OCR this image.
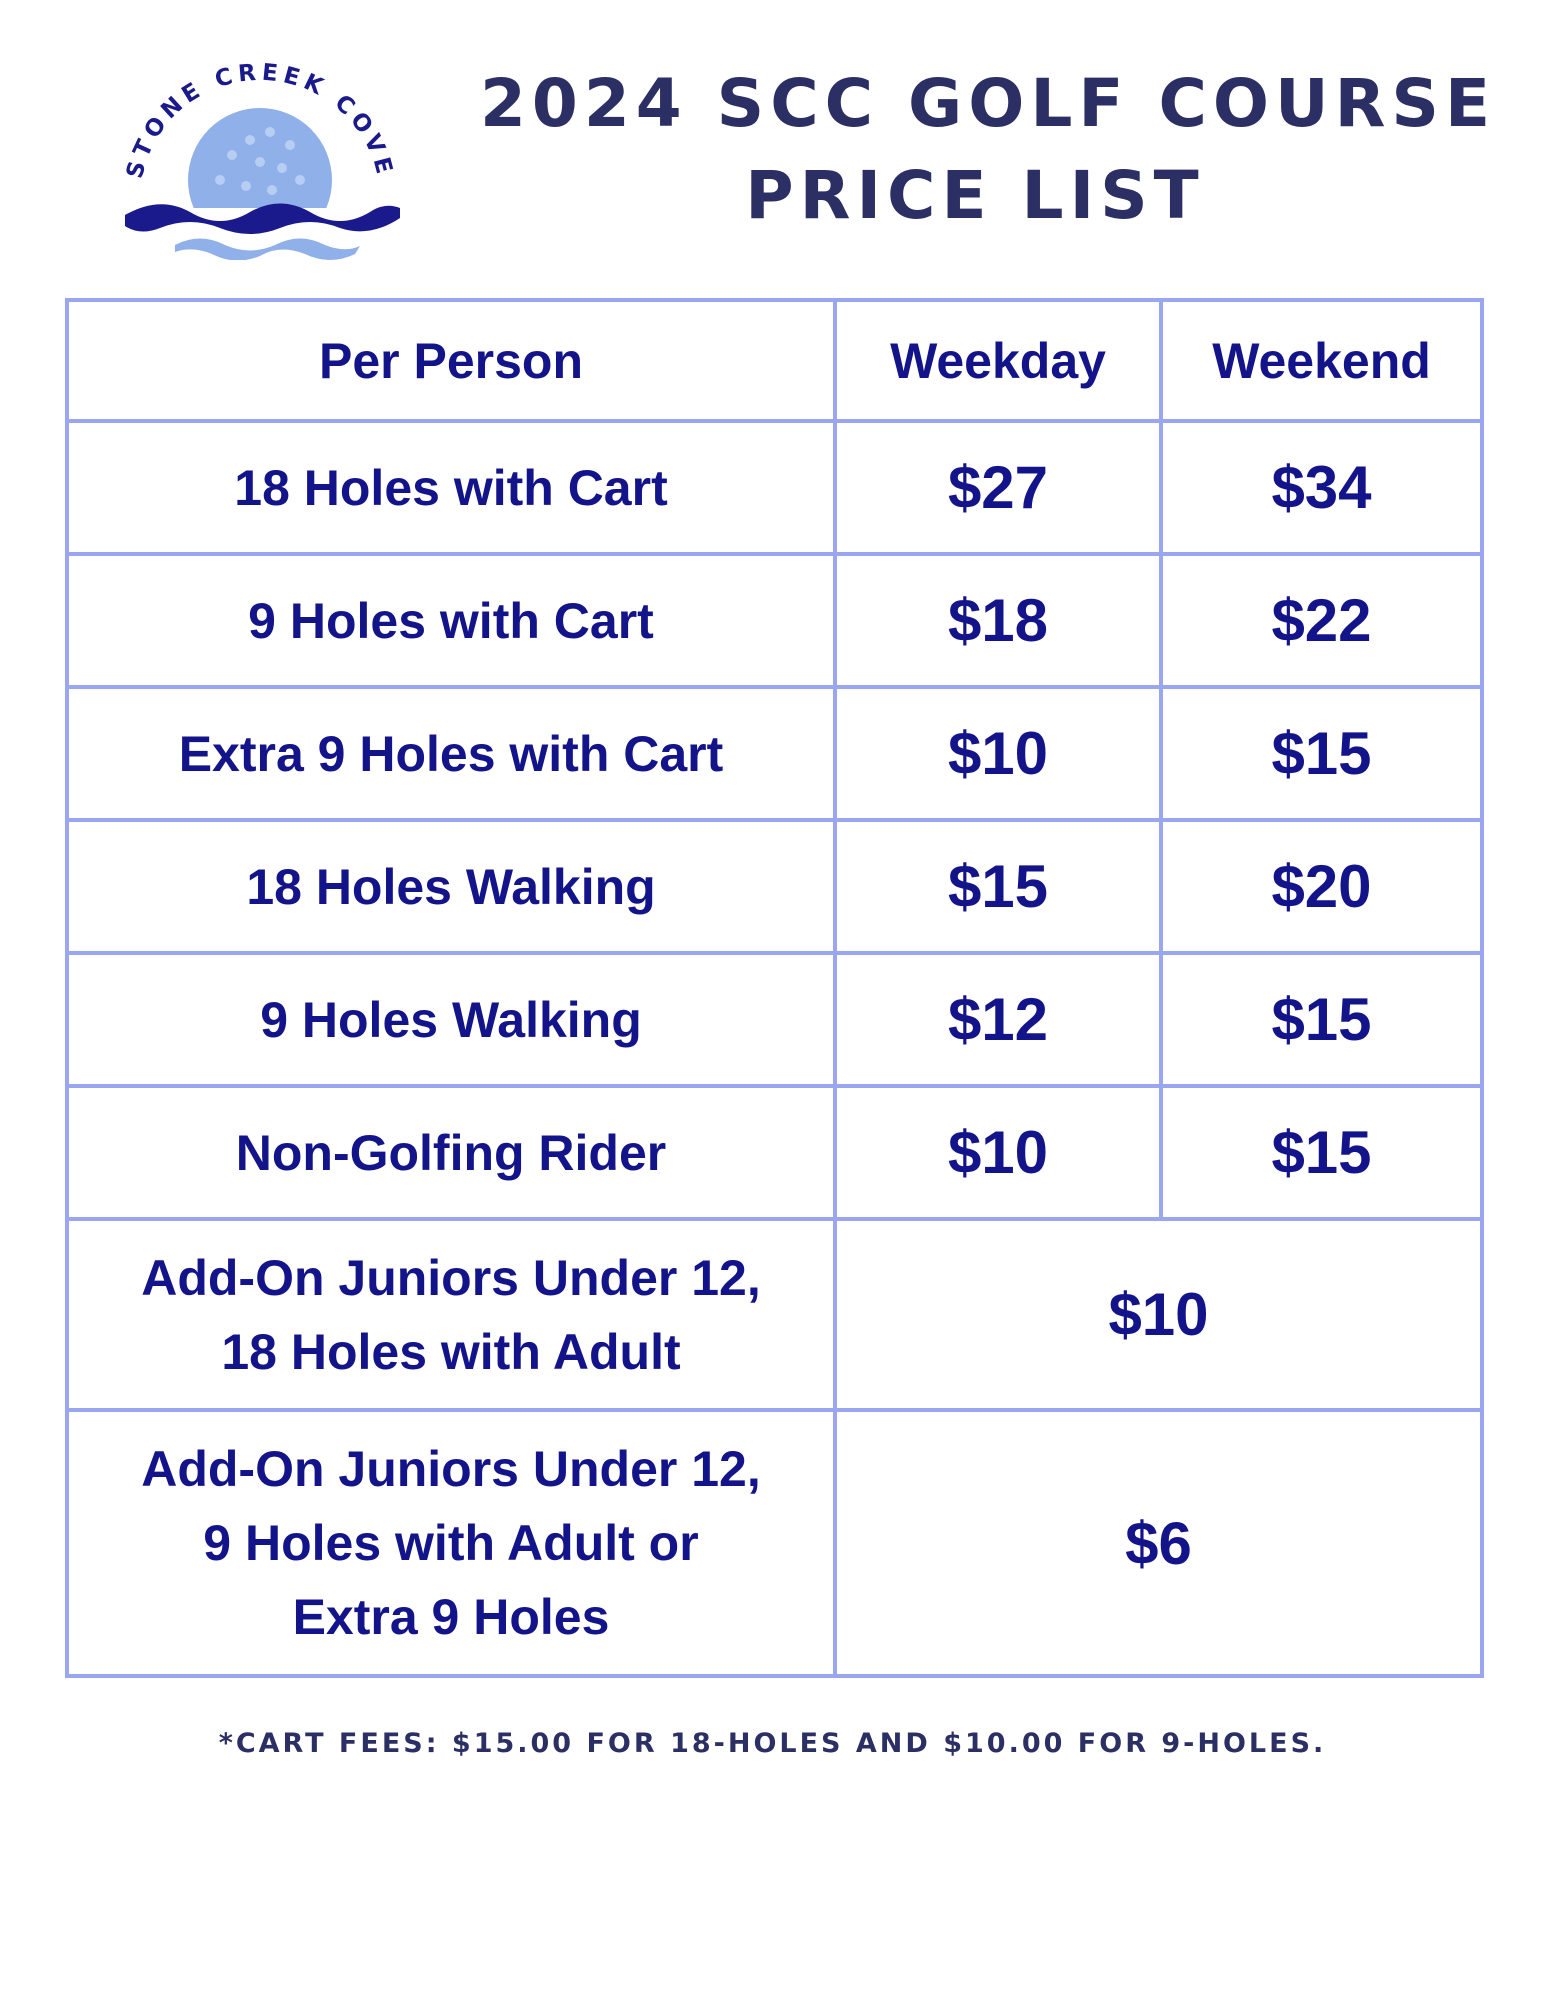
STONE CREEK COVE
2024 SCC GOLF COURSE
PRICE LIST
Per Person	Weekday	Weekend
18 Holes with Cart	$27	$34
9 Holes with Cart	$18	$22
Extra 9 Holes with Cart	$10	$15
18 Holes Walking	$15	$20
9 Holes Walking	$12	$15
Non-Golfing Rider	$10	$15

Add-On Juniors Under 12,
18 Holes with Adult	$10	

Add-On Juniors Under 12,
9 Holes with Adult or
Extra 9 Holes	$6	
*CART FEES: $15.00 FOR 18-HOLES AND $10.00 FOR 9-HOLES.
